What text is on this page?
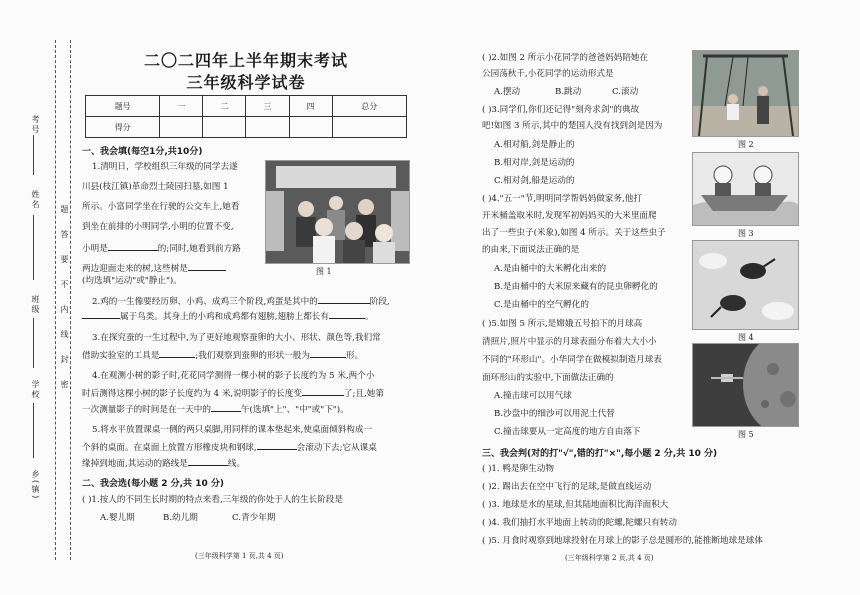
考号
姓名
班级
学校
乡(镇)
题
答
要
不
内
线
封
密
二〇二四年上半年期末考试
三年级科学试卷
题号	一	二	三	四	总分
得分					
一、我会填(每空1分,共10分)
1.清明日，学校组织三年级的同学去遂
川县(枝江镇)革命烈士陵园扫墓,如图 1
所示。小富同学坐在行驶的公交车上,她看
到坐在前排的小明同学,小明的位置不变,
小明是	的;同时,她看到前方路
两边迎面走来的树,这些树是
(均选填"运动"或"静止")。
图 1
2.鸡的一生像要经历卵、小鸡、成鸡三个阶段,鸡蛋是其中的	阶段,
属于鸟类。其身上的小鸡和成鸡都有翅膀,翅膀上都长有	。
3.在探究蚕的一生过程中,为了更好地观察蚕卵的大小、形状、颜色等,我们常
借助实验室的工具是	;我们观察到蚕卵的形状一般为	形。
4.在观测小树的影子时,花花同学测得一棵小树的影子长度约为 5 米,两个小
时后测得这棵小树的影子长度约为 4 米,说明影子的长度变	了;且,她第
一次测量影子的时间是在一天中的	午(选填"上"、"中"或"下")。
5.将水平放置课桌一侧的两只桌脚,用同样的课本垫起来,使桌面倾斜构成一
个斜的桌面。在桌面上放置方形橡皮块和钢球,	会滚动下去;它从课桌
缘掉到地面,其运动的路线是	线。
二、我会选(每小题 2 分,共 10 分)
( )1.按人的不同生长时期的特点来看,三年级的你处于人的生长阶段是
A.婴儿期	B.幼儿期	C.青少年期
(三年级科学第 1 页,共 4 页)
( )2.如图 2 所示小花同学的爸爸妈妈陪她在
公园荡秋千,小花同学的运动形式是
A.摆动	B.跳动	C.滚动
( )3.同学们,你们还记得"刻舟求剑"的典故
吧!如图 3 所示,其中的楚国人没有找到剑是因为
A.相对船,剑是静止的
B.相对岸,剑是运动的
C.相对剑,船是运动的
( )4."五一"节,明明同学帮妈妈做家务,他打
开米桶盖取米时,发现军初妈妈买的大米里面爬
出了一些虫子(米象),如图 4 所示。关于这些虫子
的由来,下面说法正确的是
A.是由桶中的大米孵化出来的
B.是由桶中的大米原来藏有的昆虫卵孵化的
C.是由桶中的空气孵化的
( )5.如图 5 所示,是嫦娥五号拍下的月球高
清照片,照片中显示的月球表面分布着大大小小
不同的"环形山"。小华同学在做模拟制造月球表
面环形山的实验中,下面做法正确的
A.撞击球可以用气球
B.沙盘中的细沙可以用泥土代替
C.撞击球要从一定高度的地方自由落下
图 2
图 3
图 4
图 5
三、我会判(对的打"√",错的打"×",每小题 2 分,共 10 分)
( )1. 鸭是卵生动物
( )2. 踢出去在空中飞行的足球,是做直线运动
( )3. 地球是水的星球,但其陆地面积比海洋面积大
( )4. 我们抽打水平地面上转动的陀螺,陀螺只有转动
( )5. 月食时观察到地球投射在月球上的影子总是圆形的,能推断地球是球体
(三年级科学第 2 页,共 4 页)
